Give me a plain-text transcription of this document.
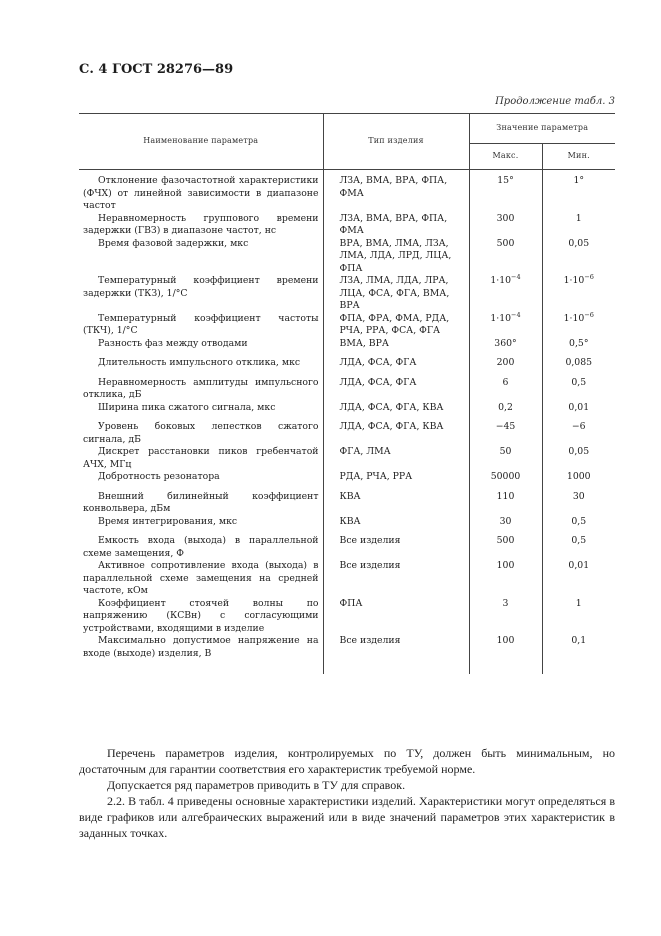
С. 4 ГОСТ 28276—89
Продолжение табл. 3
Наименование параметра	Тип изделия	Значение параметра	
		Макс.	Мин.
Отклонение фазочастотной характеристики (ФЧХ) от линейной зависимости в диапазоне частот	ЛЗА, ВМА, ВРА, ФПА, ФМА	15°	1°
Неравномерность группового времени задержки (ГВЗ) в диапазоне частот, нс	ЛЗА, ВМА, ВРА, ФПА, ФМА	300	1
Время фазовой задержки, мкс	ВРА, ВМА, ЛМА, ЛЗА, ЛМА, ЛДА, ЛРД, ЛЦА, ФПА	500	0,05
Температурный коэффициент времени задержки (ТКЗ), 1/°С	ЛЗА, ЛМА, ЛДА, ЛРА, ЛЦА, ФСА, ФГА, ВМА, ВРА	$1\cdot 10^{-4}$	$1\cdot 10^{-6}$
Температурный коэффициент частоты (ТКЧ), 1/°С	ФПА, ФРА, ФМА, РДА, РЧА, РРА, ФСА, ФГА	$1\cdot 10^{-4}$	$1\cdot 10^{-6}$
Разность фаз между отводами	ВМА, ВРА	360°	0,5°
Длительность импульсного отклика, мкс	ЛДА, ФСА, ФГА	200	0,085
Неравномерность амплитуды импульсного отклика, дБ	ЛДА, ФСА, ФГА	6	0,5
Ширина пика сжатого сигнала, мкс	ЛДА, ФСА, ФГА, КВА	0,2	0,01
Уровень боковых лепестков сжатого сигнала, дБ	ЛДА, ФСА, ФГА, КВА	−45	−6
Дискрет расстановки пиков гребенчатой АЧХ, МГц	ФГА, ЛМА	50	0,05
Добротность резонатора	РДА, РЧА, РРА	50000	1000
Внешний билинейный коэффициент конвольвера, дБм	КВА	110	30
Время интегрирования, мкс	КВА	30	0,5
Емкость входа (выхода) в параллельной схеме замещения, Ф	Все изделия	500	0,5
Активное сопротивление входа (выхода) в параллельной схеме замещения на средней частоте, кОм	Все изделия	100	0,01
Коэффициент стоячей волны по напряжению (КСВн) с согласующими устройствами, входящими в изделие	ФПА	3	1
Максимально допустимое напряжение на входе (выходе) изделия, В	Все изделия	100	0,1

Перечень параметров изделия, контролируемых по ТУ, должен быть минимальным, но достаточным для гарантии соответствия его характеристик требуемой норме.

Допускается ряд параметров приводить в ТУ для справок.

2.2. В табл. 4 приведены основные характеристики изделий. Характеристики могут определяться в виде графиков или алгебраических выражений или в виде значений параметров этих характеристик в заданных точках.
